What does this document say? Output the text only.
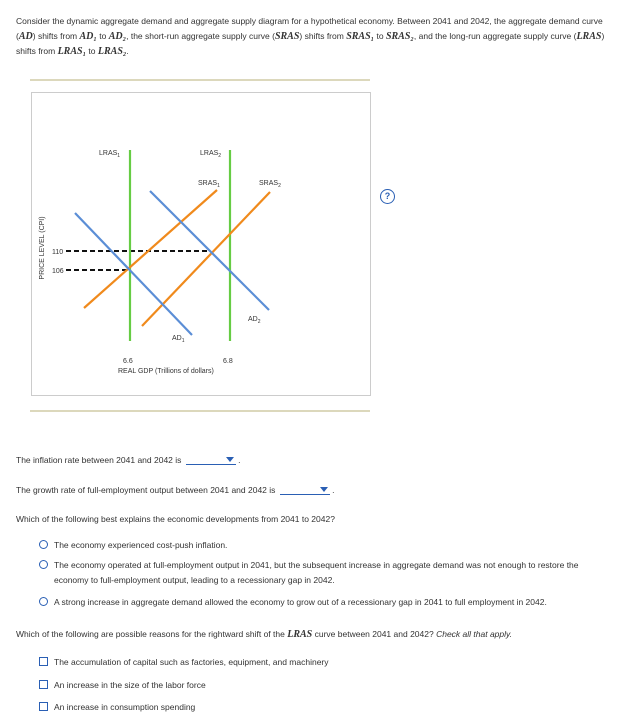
Consider the dynamic aggregate demand and aggregate supply diagram for a hypothetical economy. Between 2041 and 2042, the aggregate demand curve (AD) shifts from AD₁ to AD₂, the short-run aggregate supply curve (SRAS) shifts from SRAS₁ to SRAS₂, and the long-run aggregate supply curve (LRAS) shifts from LRAS₁ to LRAS₂.
?
PRICE LEVEL (CPI) 110
106
$LRAS_1$	$LRAS_2$
$SRAS_1$	$SRAS_2$
$AD_1$
$AD_2$
6.6	6.8
REAL GDP (Trillions of dollars)
The inflation rate between 2041 and 2042 is	.
The growth rate of full-employment output between 2041 and 2042 is	.
Which of the following best explains the economic developments from 2041 to 2042?
The economy experienced cost-push inflation.
The economy operated at full-employment output in 2041, but the subsequent increase in aggregate demand was not enough to restore the economy to full-employment output, leading to a recessionary gap in 2042.
A strong increase in aggregate demand allowed the economy to grow out of a recessionary gap in 2041 to full employment in 2042.
Which of the following are possible reasons for the rightward shift of the LRAS curve between 2041 and 2042? Check all that apply.
The accumulation of capital such as factories, equipment, and machinery
An increase in the size of the labor force
An increase in consumption spending
